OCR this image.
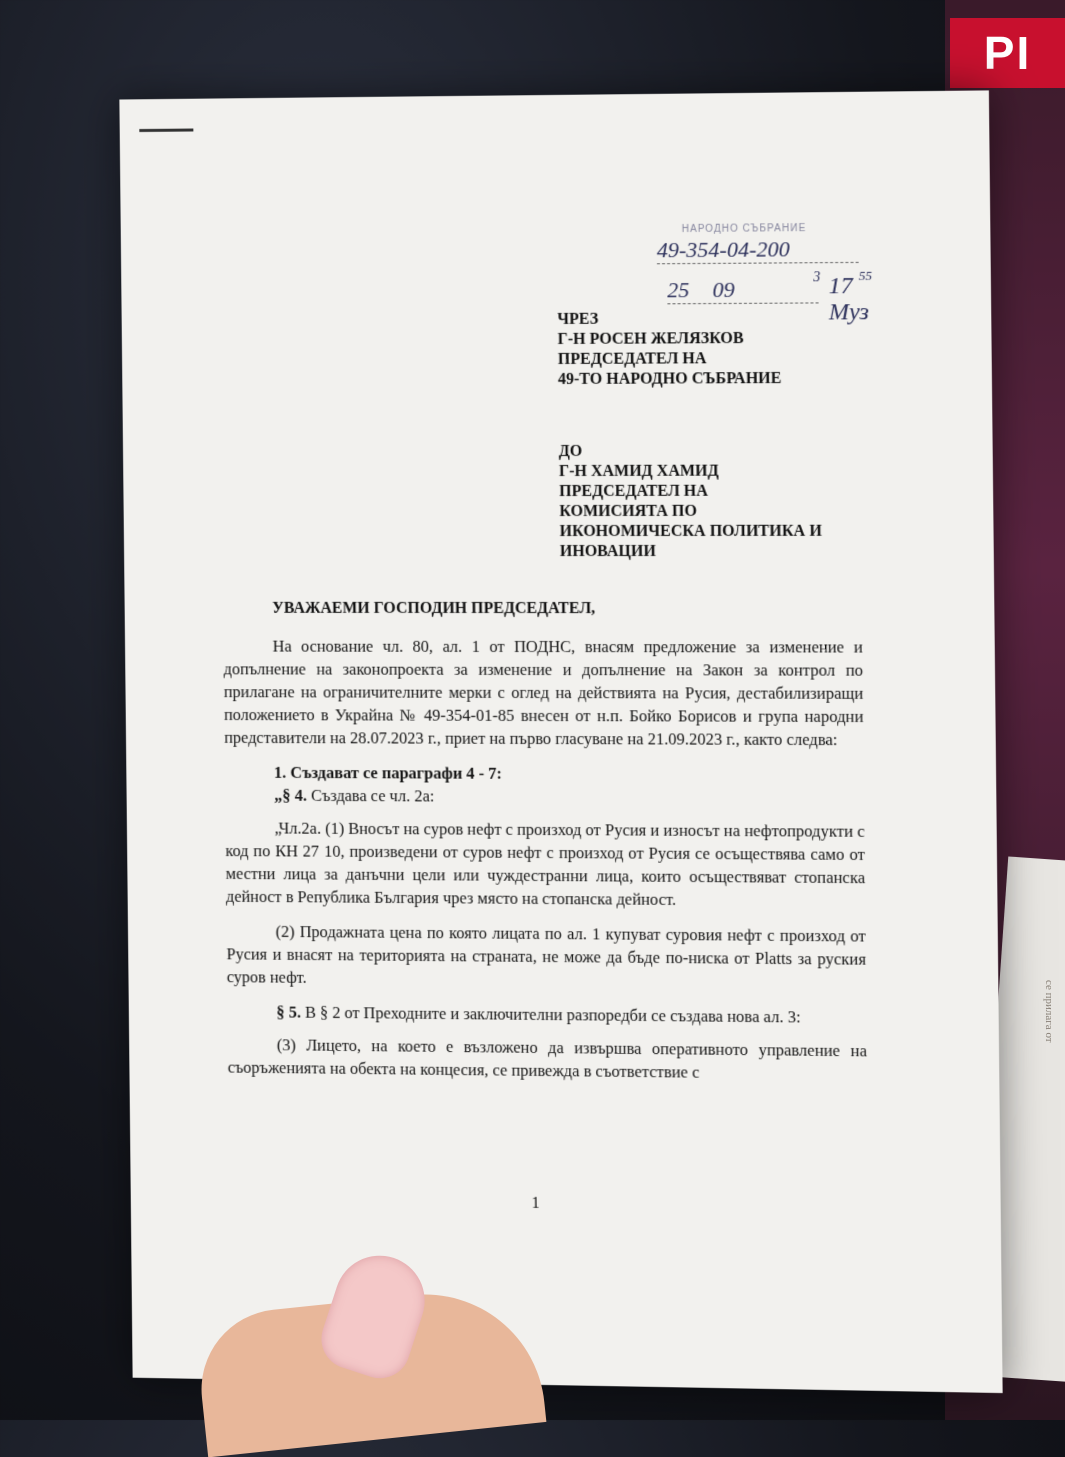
PI
се прилага от
НАРОДНО СЪБРАНИЕ
49-354-04-200
25	09	3 17
Муз
55
ЧРЕЗ
Г-Н РОСЕН ЖЕЛЯЗКОВ
ПРЕДСЕДАТЕЛ НА
49-ТО НАРОДНО СЪБРАНИЕ
ДО
Г-Н ХАМИД ХАМИД
ПРЕДСЕДАТЕЛ НА
КОМИСИЯТА ПО
ИКОНОМИЧЕСКА ПОЛИТИКА И
ИНОВАЦИИ
УВАЖАЕМИ ГОСПОДИН ПРЕДСЕДАТЕЛ,

На основание чл. 80, ал. 1 от ПОДНС, внасям предложение за изменение и допълнение на законопроекта за изменение и допълнение на Закон за контрол по прилагане на ограничителните мерки с оглед на действията на Русия, дестабилизиращи положението в Украйна № 49-354-01-85 внесен от н.п. Бойко Борисов и група народни представители на 28.07.2023 г., приет на първо гласуване на 21.09.2023 г., както следва:

1. Създават се параграфи 4 - 7:
„§ 4. Създава се чл. 2а:

„Чл.2а. (1) Вносът на суров нефт с произход от Русия и износът на нефтопродукти с код по КН 27 10, произведени от суров нефт с произход от Русия се осъществява само от местни лица за данъчни цели или чуждестранни лица, които осъществяват стопанска дейност в Република България чрез място на стопанска дейност.

(2) Продажната цена по която лицата по ал. 1 купуват суровия нефт с произход от Русия и внасят на територията на страната, не може да бъде по-ниска от Platts за руския суров нефт.

§ 5. В § 2 от Преходните и заключителни разпоредби се създава нова ал. 3:

(3) Лицето, на което е възложено да извършва оперативното управление на съоръженията на обекта на концесия, се привежда в съответствие с

1
